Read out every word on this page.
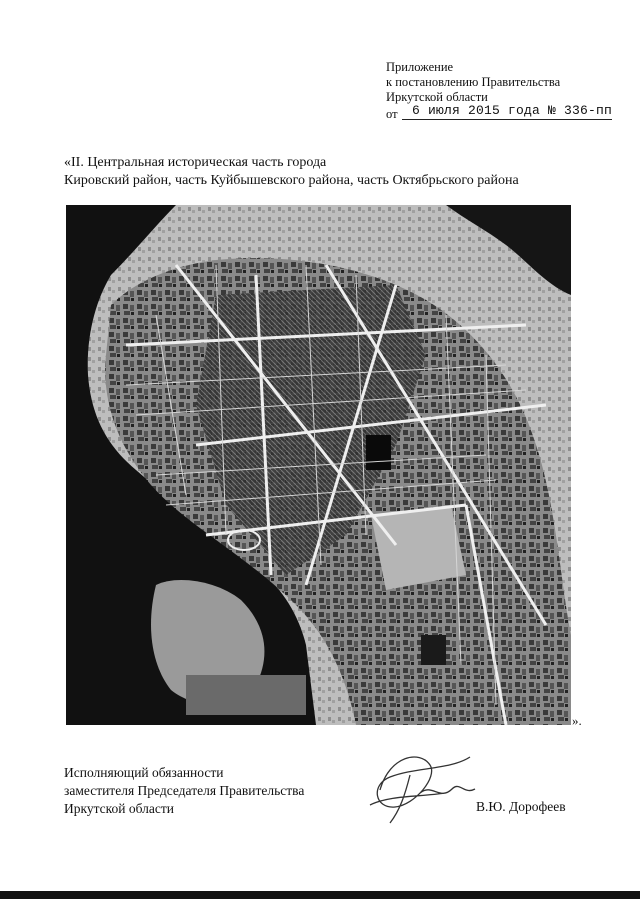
Приложение
к постановлению Правительства
Иркутской области
от 6 июля 2015 года № 336-пп
«II. Центральная историческая часть города
Кировский район, часть Куйбышевского района, часть Октябрьского района
».
Исполняющий обязанности
заместителя Председателя Правительства
Иркутской области	В.Ю. Дорофеев
